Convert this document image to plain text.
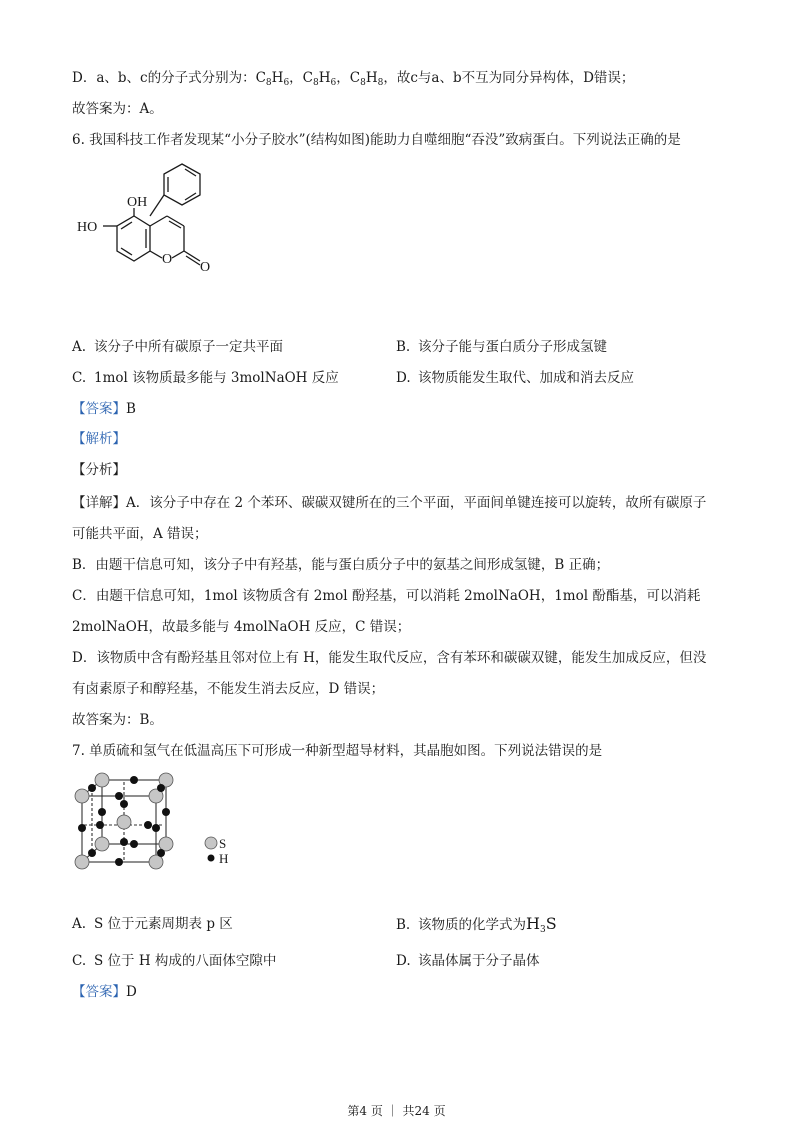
D．a、b、c的分子式分别为：$C_8H_6$，$C_8H_6$，$C_8H_8$，故c与a、b不互为同分异构体，D错误；
故答案为：A。
6. 我国科技工作者发现某“小分子胶水”(结构如图)能助力自噬细胞“吞没”致病蛋白。下列说法正确的是
OH
HO
O
O
A. 该分子中所有碳原子一定共平面	B. 该分子能与蛋白质分子形成氢键
C. 1mol 该物质最多能与 3molNaOH 反应	D. 该物质能发生取代、加成和消去反应
【答案】B
【解析】
【分析】
【详解】A．该分子中存在 2 个苯环、碳碳双键所在的三个平面，平面间单键连接可以旋转，故所有碳原子
可能共平面，A 错误；
B．由题干信息可知，该分子中有羟基，能与蛋白质分子中的氨基之间形成氢键，B 正确；
C．由题干信息可知，1mol 该物质含有 2mol 酚羟基，可以消耗 2molNaOH，1mol 酚酯基，可以消耗
2molNaOH，故最多能与 4molNaOH 反应，C 错误；
D．该物质中含有酚羟基且邻对位上有 H，能发生取代反应，含有苯环和碳碳双键，能发生加成反应，但没
有卤素原子和醇羟基，不能发生消去反应，D 错误；
故答案为：B。
7. 单质硫和氢气在低温高压下可形成一种新型超导材料，其晶胞如图。下列说法错误的是
S
H
A. S 位于元素周期表 p 区	B. 该物质的化学式为$H_3S$
C. S 位于 H 构成的八面体空隙中	D. 该晶体属于分子晶体
【答案】D
第4 页 ｜ 共24 页
